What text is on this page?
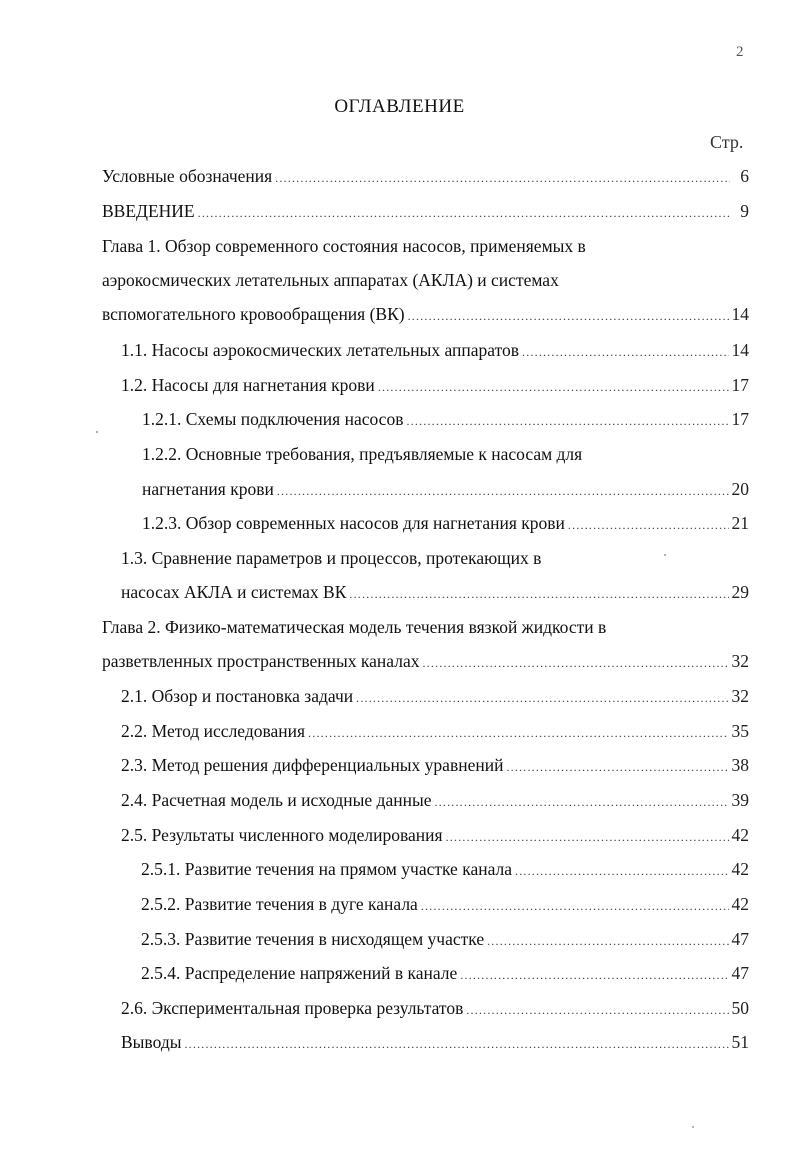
2
ОГЛАВЛЕНИЕ
Стр.
Условные обозначения .....	6
ВВЕДЕНИЕ .....	9
Глава 1. Обзор современного состояния насосов, применяемых в
аэрокосмических летательных аппаратах (АКЛА) и системах
вспомогательного кровообращения (ВК) .....	14
1.1. Насосы аэрокосмических летательных аппаратов .....	14
1.2. Насосы для нагнетания крови .....	17
1.2.1. Схемы подключения насосов .....	17
1.2.2. Основные требования, предъявляемые к насосам для
нагнетания крови .....	20
1.2.3. Обзор современных насосов для нагнетания крови .....	21
1.3. Сравнение параметров и процессов, протекающих в
насосах АКЛА и системах ВК .....	29
Глава 2. Физико-математическая модель течения вязкой жидкости в
разветвленных пространственных каналах .....	32
2.1. Обзор и постановка задачи .....	32
2.2. Метод исследования .....	35
2.3. Метод решения дифференциальных уравнений .....	38
2.4. Расчетная модель и исходные данные .....	39
2.5. Результаты численного моделирования .....	42
2.5.1. Развитие течения на прямом участке канала .....	42
2.5.2. Развитие течения в дуге канала .....	42
2.5.3. Развитие течения в нисходящем участке .....	47
2.5.4. Распределение напряжений в канале .....	47
2.6. Экспериментальная проверка результатов .....	50
Выводы .....	51
